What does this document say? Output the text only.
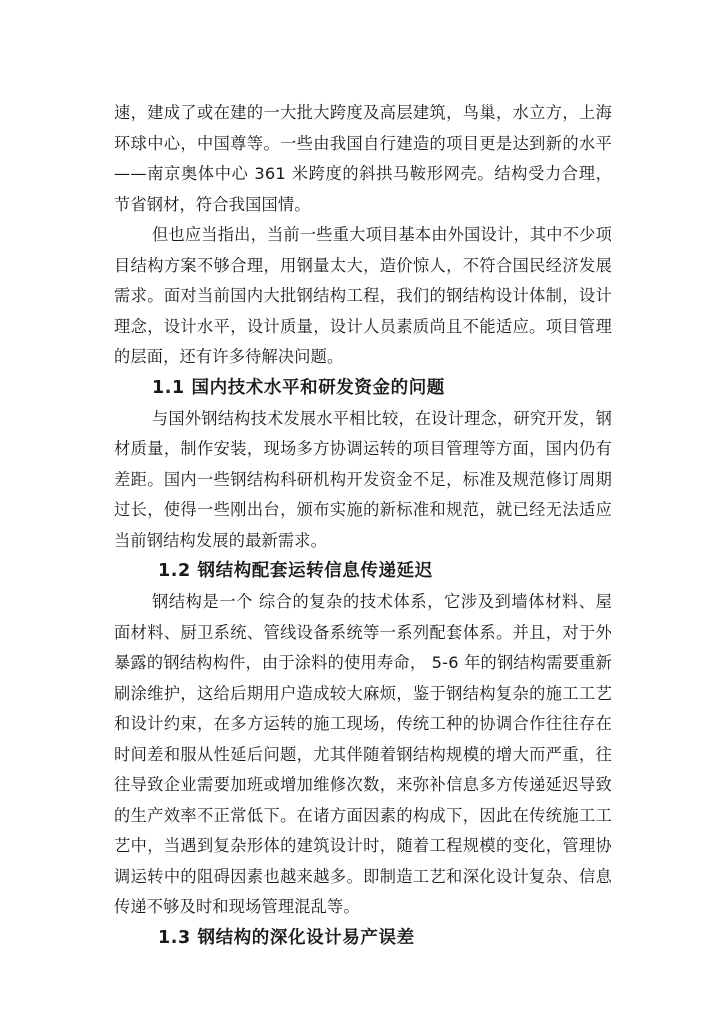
速，建成了或在建的一大批大跨度及高层建筑，鸟巢，水立方，上海环球中心，中国尊等。一些由我国自行建造的项目更是达到新的水平——南京奥体中心 361 米跨度的斜拱马鞍形网壳。结构受力合理，节省钢材，符合我国国情。

但也应当指出，当前一些重大项目基本由外国设计，其中不少项目结构方案不够合理，用钢量太大，造价惊人，不符合国民经济发展需求。面对当前国内大批钢结构工程，我们的钢结构设计体制，设计理念，设计水平，设计质量，设计人员素质尚且不能适应。项目管理的层面，还有许多待解决问题。

1.1 国内技术水平和研发资金的问题

与国外钢结构技术发展水平相比较，在设计理念，研究开发，钢材质量，制作安装，现场多方协调运转的项目管理等方面，国内仍有差距。国内一些钢结构科研机构开发资金不足，标准及规范修订周期过长，使得一些刚出台，颁布实施的新标准和规范，就已经无法适应当前钢结构发展的最新需求。

1.2 钢结构配套运转信息传递延迟

钢结构是一个 综合的复杂的技术体系，它涉及到墙体材料、屋面材料、厨卫系统、管线设备系统等一系列配套体系。并且，对于外暴露的钢结构构件，由于涂料的使用寿命， 5-6 年的钢结构需要重新刷涂维护，这给后期用户造成较大麻烦，鉴于钢结构复杂的施工工艺和设计约束，在多方运转的施工现场，传统工种的协调合作往往存在时间差和服从性延后问题，尤其伴随着钢结构规模的增大而严重，往往导致企业需要加班或增加维修次数，来弥补信息多方传递延迟导致的生产效率不正常低下。在诸方面因素的构成下，因此在传统施工工艺中，当遇到复杂形体的建筑设计时，随着工程规模的变化，管理协调运转中的阻碍因素也越来越多。即制造工艺和深化设计复杂、信息传递不够及时和现场管理混乱等。

1.3 钢结构的深化设计易产误差
